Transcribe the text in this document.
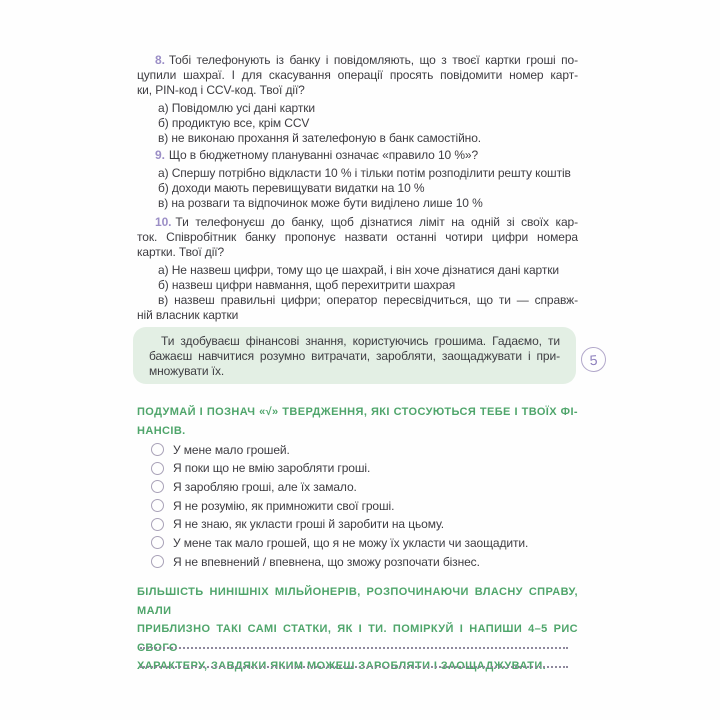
8. Тобі телефонують із банку і повідомляють, що з твоєї картки гроші по-
цупили шахраї. І для скасування операції просять повідомити номер карт-
ки, PIN-код і CCV-код. Твої дії?
а) Повідомлю усі дані картки
б) продиктую все, крім CCV
в) не виконаю прохання й зателефоную в банк самостійно.
9. Що в бюджетному плануванні означає «правило 10 %»?
а) Спершу потрібно відкласти 10 % і тільки потім розподілити решту коштів
б) доходи мають перевищувати видатки на 10 %
в) на розваги та відпочинок може бути виділено лише 10 %
10. Ти телефонуєш до банку, щоб дізнатися ліміт на одній зі своїх кар-
ток. Співробітник банку пропонує назвати останні чотири цифри номера
картки. Твої дії?
а) Не назвеш цифри, тому що це шахрай, і він хоче дізнатися дані картки
б) назвеш цифри навмання, щоб перехитрити шахрая
в) назвеш правильні цифри; оператор пересвідчиться, що ти — справж-
ній власник картки
Ти здобуваєш фінансові знання, користуючись грошима. Гадаємо, ти
бажаєш навчитися розумно витрачати, заробляти, заощаджувати і при-
множувати їх.
5
ПОДУМАЙ І ПОЗНАЧ «√» ТВЕРДЖЕННЯ, ЯКІ СТОСУЮТЬСЯ ТЕБЕ І ТВОЇХ ФІ-
НАНСІВ.
У мене мало грошей.
Я поки що не вмію заробляти гроші.
Я заробляю гроші, але їх замало.
Я не розумію, як примножити свої гроші.
Я не знаю, як укласти гроші й заробити на цьому.
У мене так мало грошей, що я не можу їх укласти чи заощадити.
Я не впевнений / впевнена, що зможу розпочати бізнес.
БІЛЬШІСТЬ НИНІШНІХ МІЛЬЙОНЕРІВ, РОЗПОЧИНАЮЧИ ВЛАСНУ СПРАВУ, МАЛИ
ПРИБЛИЗНО ТАКІ САМІ СТАТКИ, ЯК І ТИ. ПОМІРКУЙ І НАПИШИ 4–5 РИС СВОГО
ХАРАКТЕРУ, ЗАВДЯКИ ЯКИМ МОЖЕШ ЗАРОБЛЯТИ І ЗАОЩАДЖУВАТИ.
